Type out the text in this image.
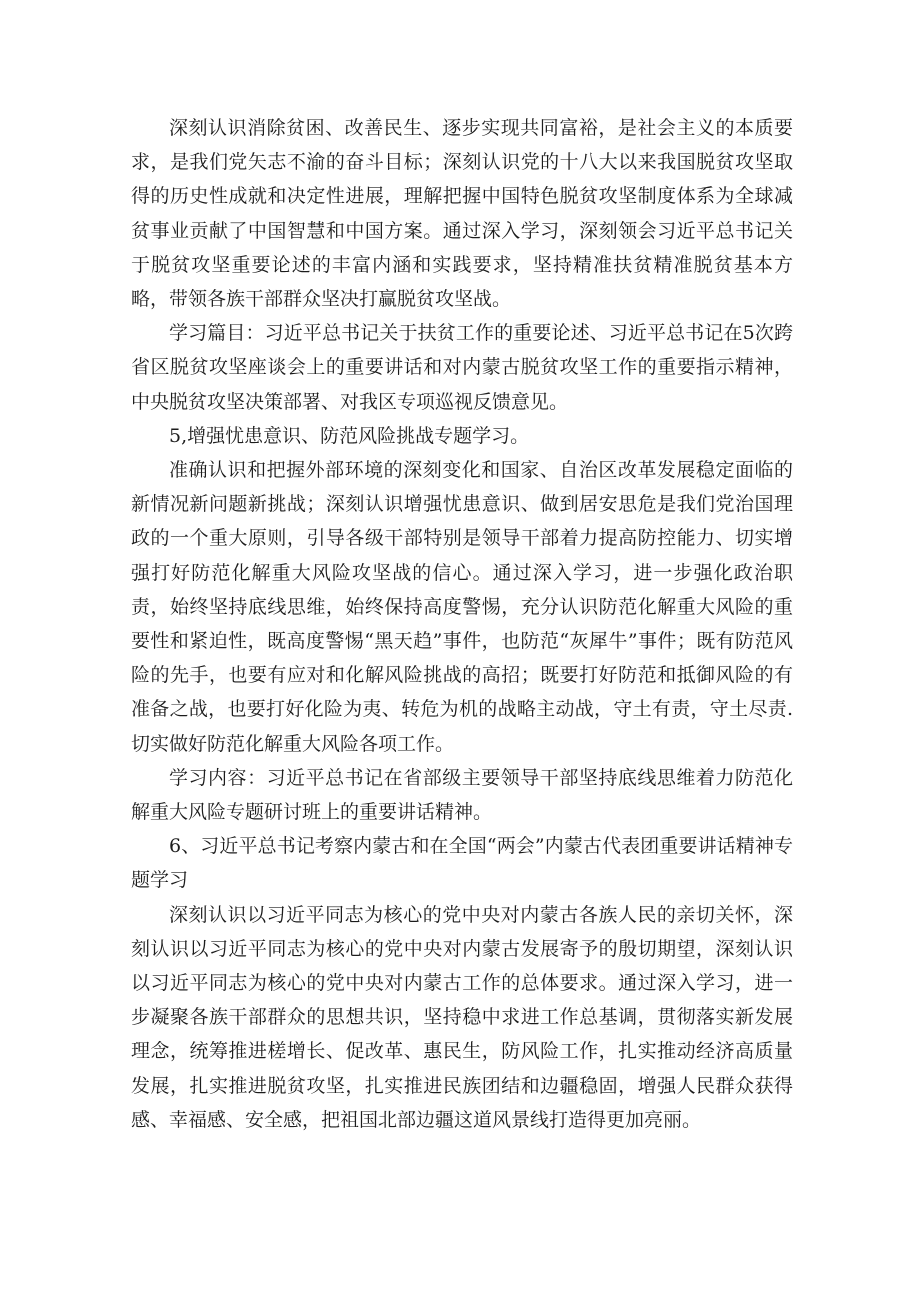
深刻认识消除贫困、改善民生、逐步实现共同富裕，是社会主义的本质要求，是我们党矢志不渝的奋斗目标；深刻认识党的十八大以来我国脱贫攻坚取得的历史性成就和决定性进展，理解把握中国特色脱贫攻坚制度体系为全球减贫事业贡献了中国智慧和中国方案。通过深入学习，深刻领会习近平总书记关于脱贫攻坚重要论述的丰富内涵和实践要求，坚持精准扶贫精准脱贫基本方略，带领各族干部群众坚决打赢脱贫攻坚战。

学习篇目：习近平总书记关于扶贫工作的重要论述、习近平总书记在5次跨省区脱贫攻坚座谈会上的重要讲话和对内蒙古脱贫攻坚工作的重要指示精神，中央脱贫攻坚决策部署、对我区专项巡视反馈意见。

5,增强忧患意识、防范风险挑战专题学习。

准确认识和把握外部环境的深刻变化和国家、自治区改革发展稳定面临的新情况新问题新挑战；深刻认识增强忧患意识、做到居安思危是我们党治国理政的一个重大原则，引导各级干部特别是领导干部着力提高防控能力、切实增强打好防范化解重大风险攻坚战的信心。通过深入学习，进一步强化政治职责，始终坚持底线思维，始终保持高度警惕，充分认识防范化解重大风险的重要性和紧迫性，既高度警惕“黑天趋”事件，也防范“灰犀牛”事件；既有防范风险的先手，也要有应对和化解风险挑战的高招；既要打好防范和抵御风险的有准备之战，也要打好化险为夷、转危为机的战略主动战，守土有责，守土尽责.切实做好防范化解重大风险各项工作。

学习内容：习近平总书记在省部级主要领导干部坚持底线思维着力防范化解重大风险专题研讨班上的重要讲话精神。

6、习近平总书记考察内蒙古和在全国“两会”内蒙古代表团重要讲话精神专题学习

深刻认识以习近平同志为核心的党中央对内蒙古各族人民的亲切关怀，深刻认识以习近平同志为核心的党中央对内蒙古发展寄予的殷切期望，深刻认识以习近平同志为核心的党中央对内蒙古工作的总体要求。通过深入学习，进一步凝聚各族干部群众的思想共识，坚持稳中求进工作总基调，贯彻落实新发展理念，统筹推进槎增长、促改革、惠民生，防风险工作，扎实推动经济高质量发展，扎实推进脱贫攻坚，扎实推进民族团结和边疆稳固，增强人民群众获得感、幸福感、安全感，把祖国北部边疆这道风景线打造得更加亮丽。
